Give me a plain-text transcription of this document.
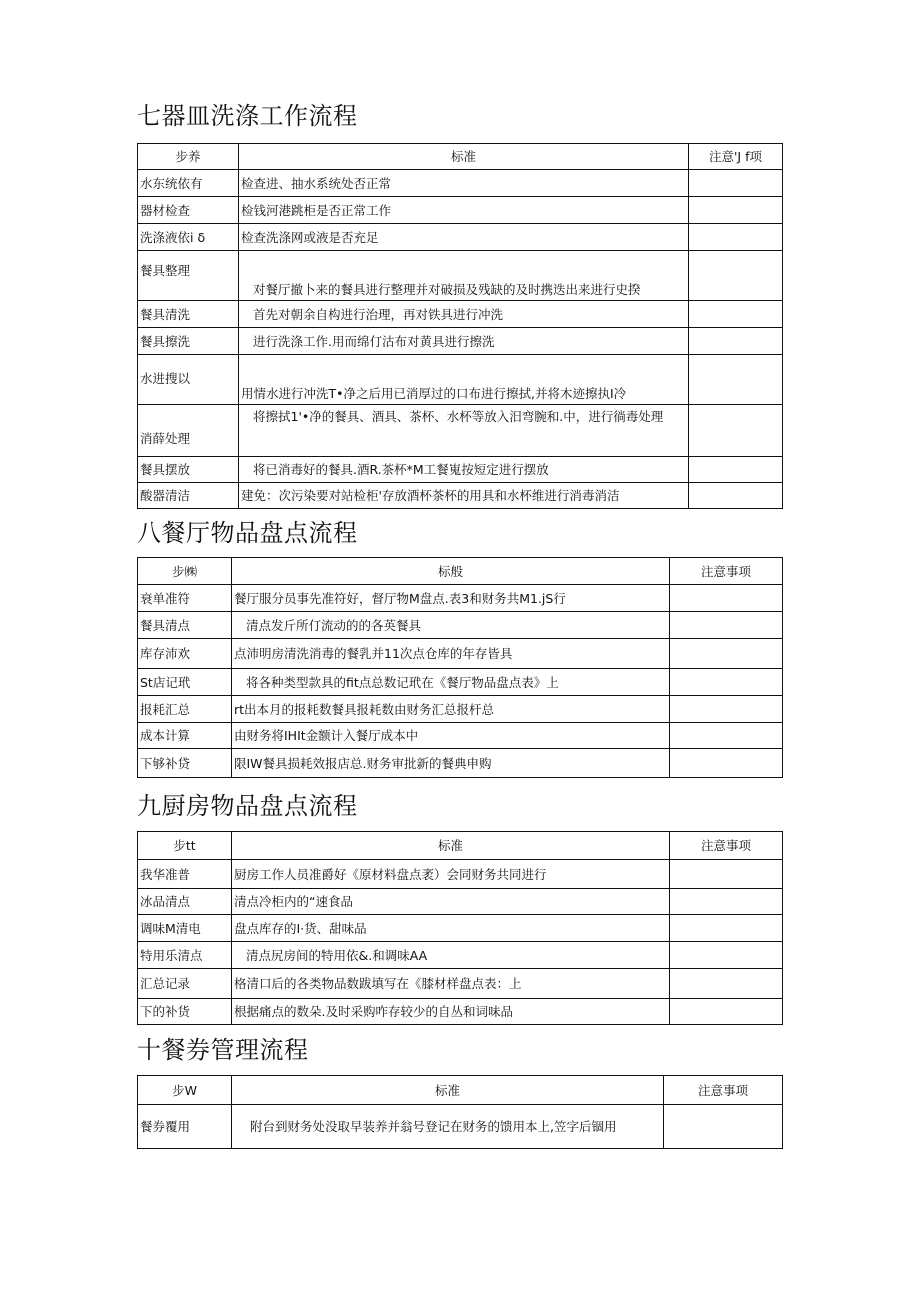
七器皿洗涤工作流程
步养	标准	注意'J f项
水东统依有	检查进、抽水系统处否正常	
器材检查	检钱河港跳柜是否正常工作	
洗涤液依i δ	检查洗涤网或液是否充足	
餐具整理	对餐厅撤卜来的餐具进行整理并对破损及残缺的及时携迭出来进行史揆	
餐具清洗	首先对朝余自构进行治理，再对铁具进行冲洗	
餐具擦洗	进行洗涤工作.用而绵仃沽布对黄具进行擦洗	
水进搜以	用情水进行冲洗T•净之后用已消厚过的口布进行擦拭,并将木迹擦执I冷	
消薛处理	将擦拭1'•净的餐具、酒具、茶杯、水杯等放入汨弯腕和.中，进行徜毒处理	
餐具摆放	将已消毒好的餐具.酒R.茶杯*M工餐嵬按短定进行摆放	
酸器清洁	建免：次污染要对站检柜'存放酒杯茶杯的用具和水杯维进行消毒消洁	
八餐厅物品盘点流程
步㈱	标般	注意事项
衰单准符	餐厅服分员事先准符好，督厅物M盘点.表3和财务共M1.jS行	
餐具清点	清点发斤所仃流动的的各英餐具	
库存沛欢	点沛明房清洗消毒的餐乳并11次点仓库的年存皆具	
St店记玳	将各种类型款具的fit点总数记玳在《餐厅物品盘点表》上	
报耗汇总	rt出本月的报耗数餐具报耗数由财务汇总报杆总	
成本计算	由财务将IHIt金额计入餐厅成本中	
下够补贷	限IW餐具损耗效报店总.财务审批新的餐典申购	
九厨房物品盘点流程
步tt	标准	注意事项
我华准普	厨房工作人员准爵好《原材料盘点袤）会同财务共同进行	
冰品清点	清点冷柜内的“速食品	
调味M清电	盘点库存的I·货、甜味品	
特用乐清点	清点尻房间的特用依&.和调味AA	
汇总记录	格清口后的各类物品数跋填写在《膝材样盘点表：上	
下的补货	根据痛点的数朵.及时采购咋存较少的自丛和词味品	
十餐券管理流程
步W	标准	注意事项
餐券覆用	附台到财务处没取早装养并翁号登记在财务的馈用本上,笠字后锢用	
